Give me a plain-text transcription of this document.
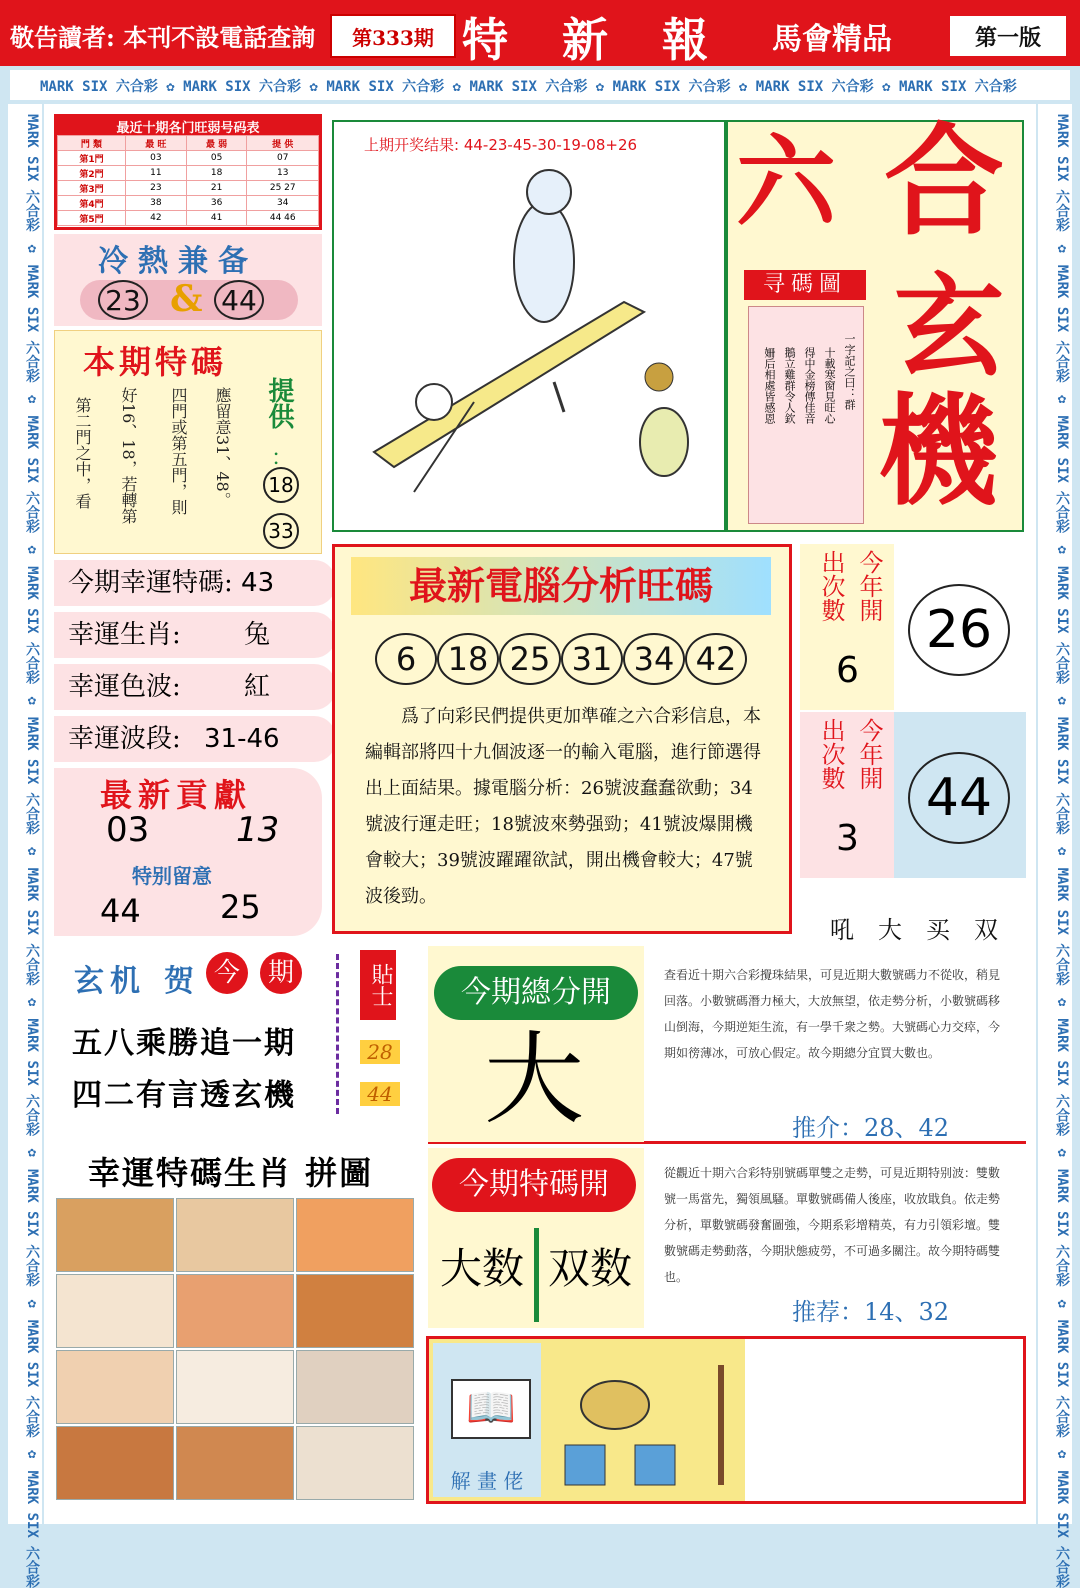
敬告讀者: 本刊不設電話查詢	特　新　報 馬會精品
第333期	第一版
MARK SIX 六合彩 ✿ MARK SIX 六合彩 ✿ MARK SIX 六合彩 ✿ MARK SIX 六合彩 ✿ MARK SIX 六合彩 ✿ MARK SIX 六合彩 ✿ MARK SIX 六合彩
MARK SIX 六合彩 ✿ MARK SIX 六合彩 ✿ MARK SIX 六合彩 ✿ MARK SIX 六合彩 ✿ MARK SIX 六合彩 ✿ MARK SIX 六合彩 ✿ MARK SIX 六合彩 ✿ MARK SIX 六合彩 ✿ MARK SIX 六合彩 ✿ MARK SIX 六合彩
MARK SIX 六合彩 ✿ MARK SIX 六合彩 ✿ MARK SIX 六合彩 ✿ MARK SIX 六合彩 ✿ MARK SIX 六合彩 ✿ MARK SIX 六合彩 ✿ MARK SIX 六合彩 ✿ MARK SIX 六合彩 ✿ MARK SIX 六合彩 ✿ MARK SIX 六合彩
最近十期各门旺弱号码表
門 類	最 旺	最 弱	提 供
第1門	03	05	07
第2門	11	18	13
第3門	23	21	25 27
第4門	38	36	34
第5門	42	41	44 46
冷熱兼备
23 & 44
本期特碼
應留意31、48。
四門或第五門，則
好16、18，若轉第
第二門之中，看	提供
：
18
33
今期幸運特碼: 43
幸運生肖: 兔
幸運色波: 紅
幸運波段: 31-46
最新貢獻
03	13
特别留意
44 25
上期开奖结果: 44-23-45-30-19-08+26 六 合
玄
機
寻碼圖
一字記之曰：群
十載寒窗見旺心
得中金榜傳佳音
鵝立雞群令人欽
姍后相處皆感恩
最新電腦分析旺碼
6 18 25 31 34 42
　　爲了向彩民們提供更加準確之六合彩信息，本編輯部將四十九個波逐一的輸入電腦，進行節選得出上面結果。據電腦分析：26號波蠢蠢欲動；34號波行運走旺；18號波來勢强勁；41號波爆開機會較大；39號波躍躍欲試，開出機會較大；47號波後勁。
今年開
出次數
6
26
今年開
出次數
3
44
吼　大　买　双
玄机 贺 今	期
五八乘勝追一期
四二有言透玄機
貼士
28
44
今期總分開
大
查看近十期六合彩攪珠結果，可見近期大數號碼力不從收，稍見回落。小數號碼潛力極大，大放無望，依走勢分析，小數號碼移山倒海，今期逆矩生流，有一學千衆之勢。大號碼心力交瘁，今期如徬薄冰，可放心假定。故今期總分宜買大數也。
推介：28、42
今期特碼開
大数 双数
從觀近十期六合彩特别號碼單雙之走勢，可見近期特别波：雙數號一馬當先，獨領風騷。單數號碼備人後座，收放戢負。依走勢分析，單數號碼發奮圖強，今期系彩增精英，有力引領彩壇。雙數號碼走勢動落，今期狀態疲勞，不可過多關注。故今期特碼雙也。
推荐：14、32
幸運特碼生肖 拼圖
📖
解 畫 佬
